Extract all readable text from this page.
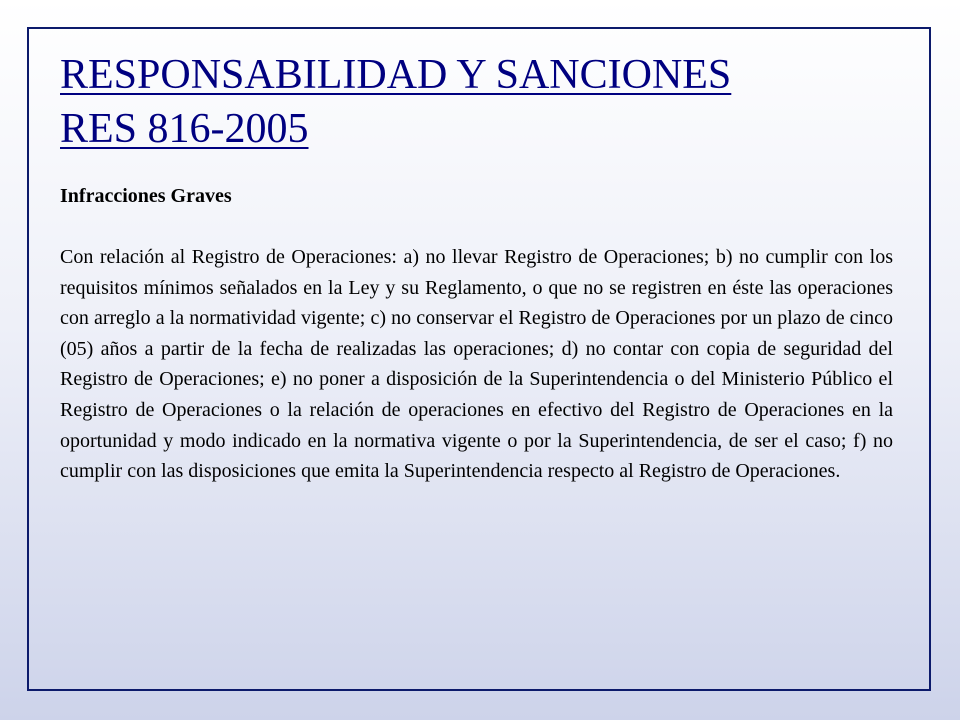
RESPONSABILIDAD Y SANCIONES
RES 816-2005
Infracciones Graves

Con relación al Registro de Operaciones: a) no llevar Registro de Operaciones; b) no cumplir con los requisitos mínimos señalados en la Ley y su Reglamento, o que no se registren en éste las operaciones con arreglo a la normatividad vigente; c) no conservar el Registro de Operaciones por un plazo de cinco (05) años a partir de la fecha de realizadas las operaciones; d) no contar con copia de seguridad del Registro de Operaciones; e) no poner a disposición de la Superintendencia o del Ministerio Público el Registro de Operaciones o la relación de operaciones en efectivo del Registro de Operaciones en la oportunidad y modo indicado en la normativa vigente o por la Superintendencia, de ser el caso; f) no cumplir con las disposiciones que emita la Superintendencia respecto al Registro de Operaciones.
